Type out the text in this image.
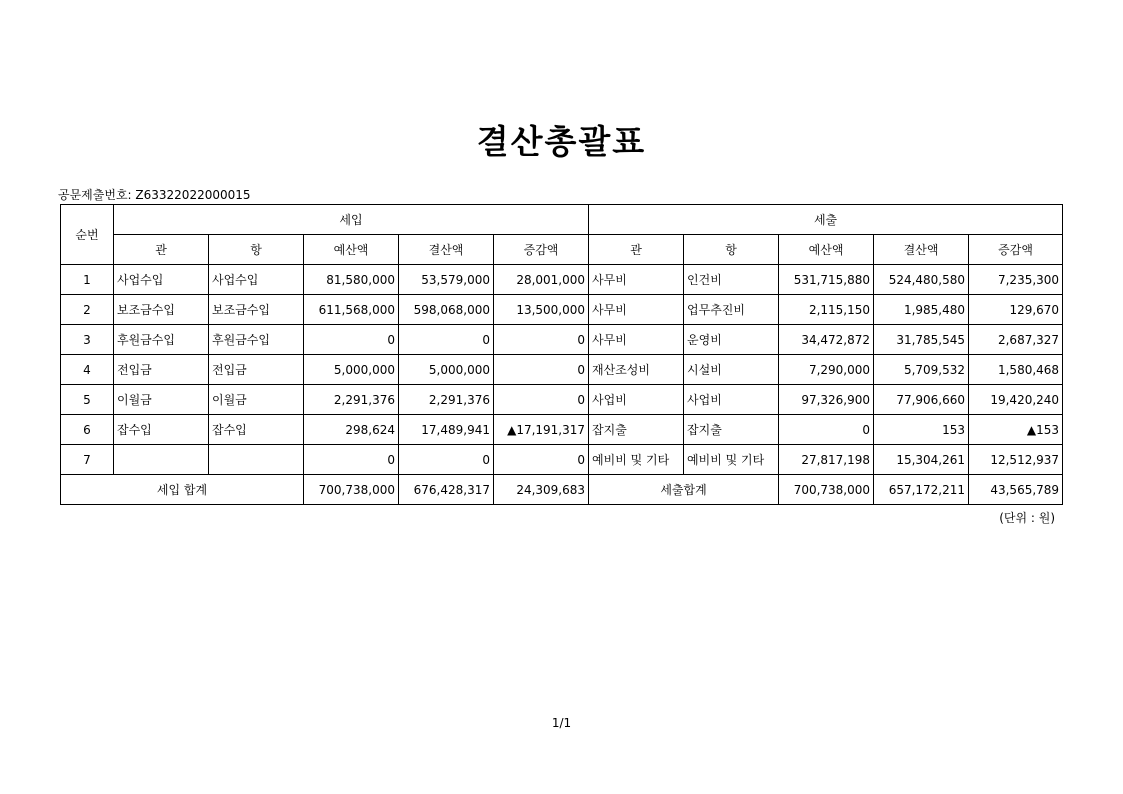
결산총괄표
공문제출번호: Z63322022000015
순번	세입					세출				
	관	항	예산액	결산액	증감액	관	항	예산액	결산액	증감액
1	사업수입	사업수입	81,580,000	53,579,000	28,001,000	사무비	인건비	531,715,880	524,480,580	7,235,300
2	보조금수입	보조금수입	611,568,000	598,068,000	13,500,000	사무비	업무추진비	2,115,150	1,985,480	129,670
3	후원금수입	후원금수입	0	0	0	사무비	운영비	34,472,872	31,785,545	2,687,327
4	전입금	전입금	5,000,000	5,000,000	0	재산조성비	시설비	7,290,000	5,709,532	1,580,468
5	이월금	이월금	2,291,376	2,291,376	0	사업비	사업비	97,326,900	77,906,660	19,420,240
6	잡수입	잡수입	298,624	17,489,941	▲17,191,317	잡지출	잡지출	0	153	▲153
7			0	0	0	예비비 및 기타	예비비 및 기타	27,817,198	15,304,261	12,512,937
세입 합계			700,738,000	676,428,317	24,309,683	세출합계		700,738,000	657,172,211	43,565,789
(단위 : 원)
1/1
